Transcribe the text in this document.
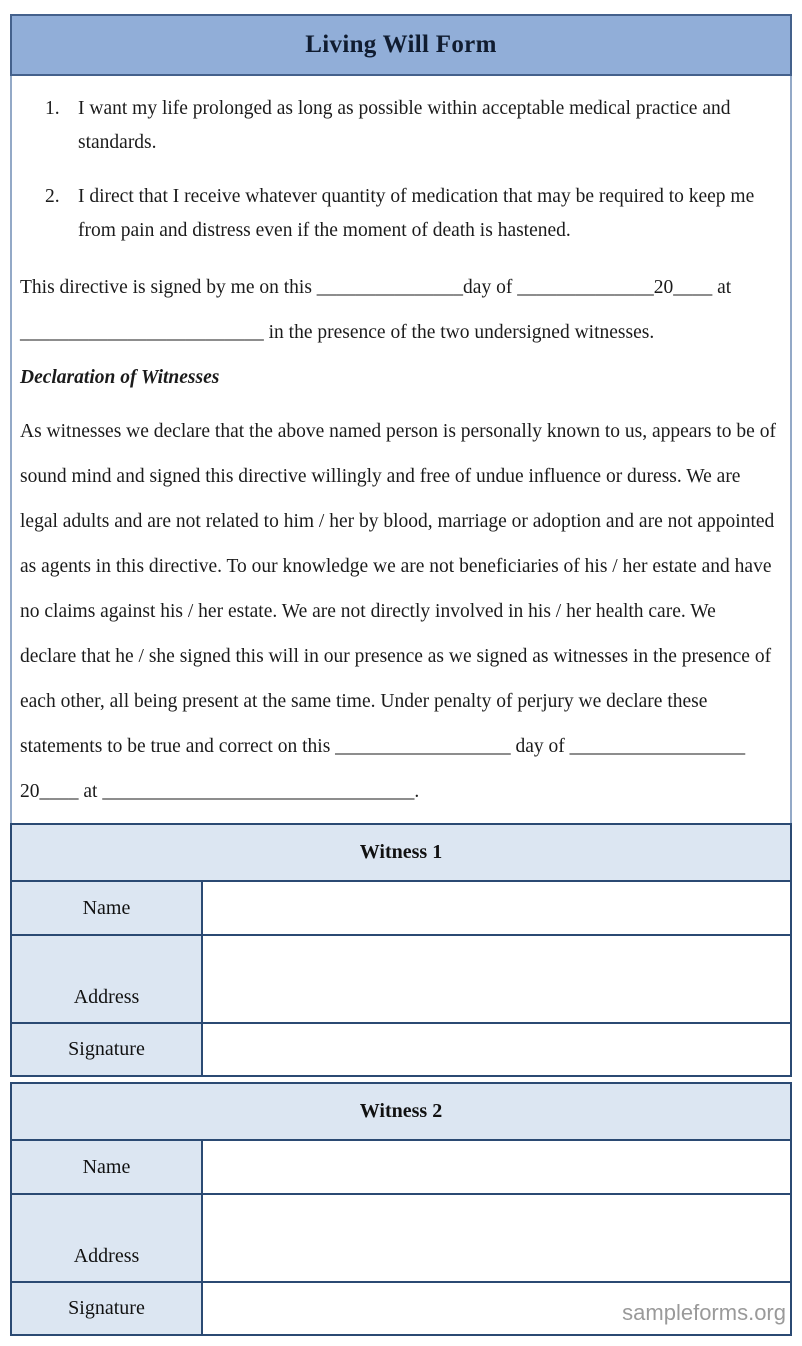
Living Will Form
1. I want my life prolonged as long as possible within acceptable medical practice and
standards.
2. I direct that I receive whatever quantity of medication that may be required to keep me
from pain and distress even if the moment of death is hastened.
This directive is signed by me on this _______________day of ______________20____ at
_________________________ in the presence of the two undersigned witnesses.
Declaration of Witnesses
As witnesses we declare that the above named person is personally known to us, appears to be of
sound mind and signed this directive willingly and free of undue influence or duress. We are
legal adults and are not related to him / her by blood, marriage or adoption and are not appointed
as agents in this directive. To our knowledge we are not beneficiaries of his / her estate and have
no claims against his / her estate. We are not directly involved in his / her health care. We
declare that he / she signed this will in our presence as we signed as witnesses in the presence of
each other, all being present at the same time. Under penalty of perjury we declare these
statements to be true and correct on this __________________ day of __________________
20____ at ________________________________.
Witness 1
Name
Address
Signature
Witness 2
Name
Address
Signature	sampleforms.org
